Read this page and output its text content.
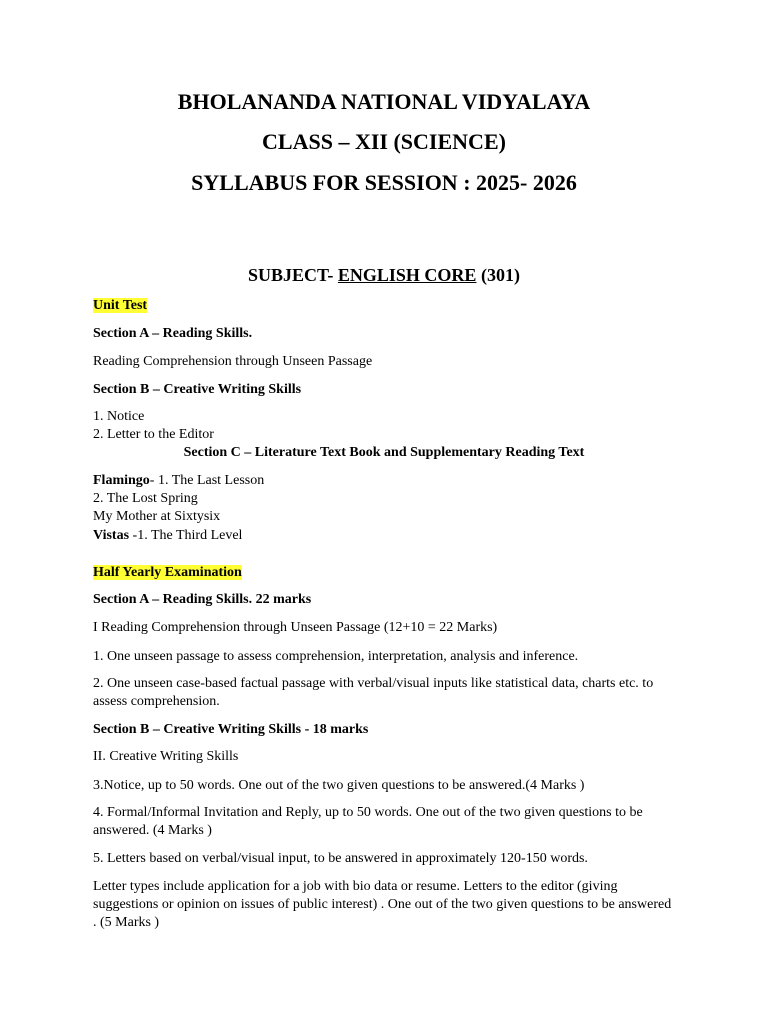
BHOLANANDA NATIONAL VIDYALAYA
CLASS – XII (SCIENCE)
SYLLABUS FOR SESSION : 2025- 2026
SUBJECT- ENGLISH CORE (301)
Unit Test
Section A – Reading Skills.
Reading Comprehension through Unseen Passage
Section B – Creative Writing Skills
1. Notice
2. Letter to the Editor
Section C – Literature Text Book and Supplementary Reading Text
Flamingo- 1. The Last Lesson
2. The Lost Spring
My Mother at Sixtysix
Vistas -1. The Third Level
Half Yearly Examination
Section A – Reading Skills. 22 marks
I Reading Comprehension through Unseen Passage (12+10 = 22 Marks)
1. One unseen passage to assess comprehension, interpretation, analysis and inference.
2. One unseen case-based factual passage with verbal/visual inputs like statistical data, charts etc. to assess comprehension.
Section B – Creative Writing Skills - 18 marks
II. Creative Writing Skills
3.Notice, up to 50 words. One out of the two given questions to be answered.(4 Marks )
4. Formal/Informal Invitation and Reply, up to 50 words. One out of the two given questions to be answered. (4 Marks )
5. Letters based on verbal/visual input, to be answered in approximately 120-150 words.
Letter types include application for a job with bio data or resume. Letters to the editor (giving suggestions or opinion on issues of public interest) . One out of the two given questions to be answered . (5 Marks )
